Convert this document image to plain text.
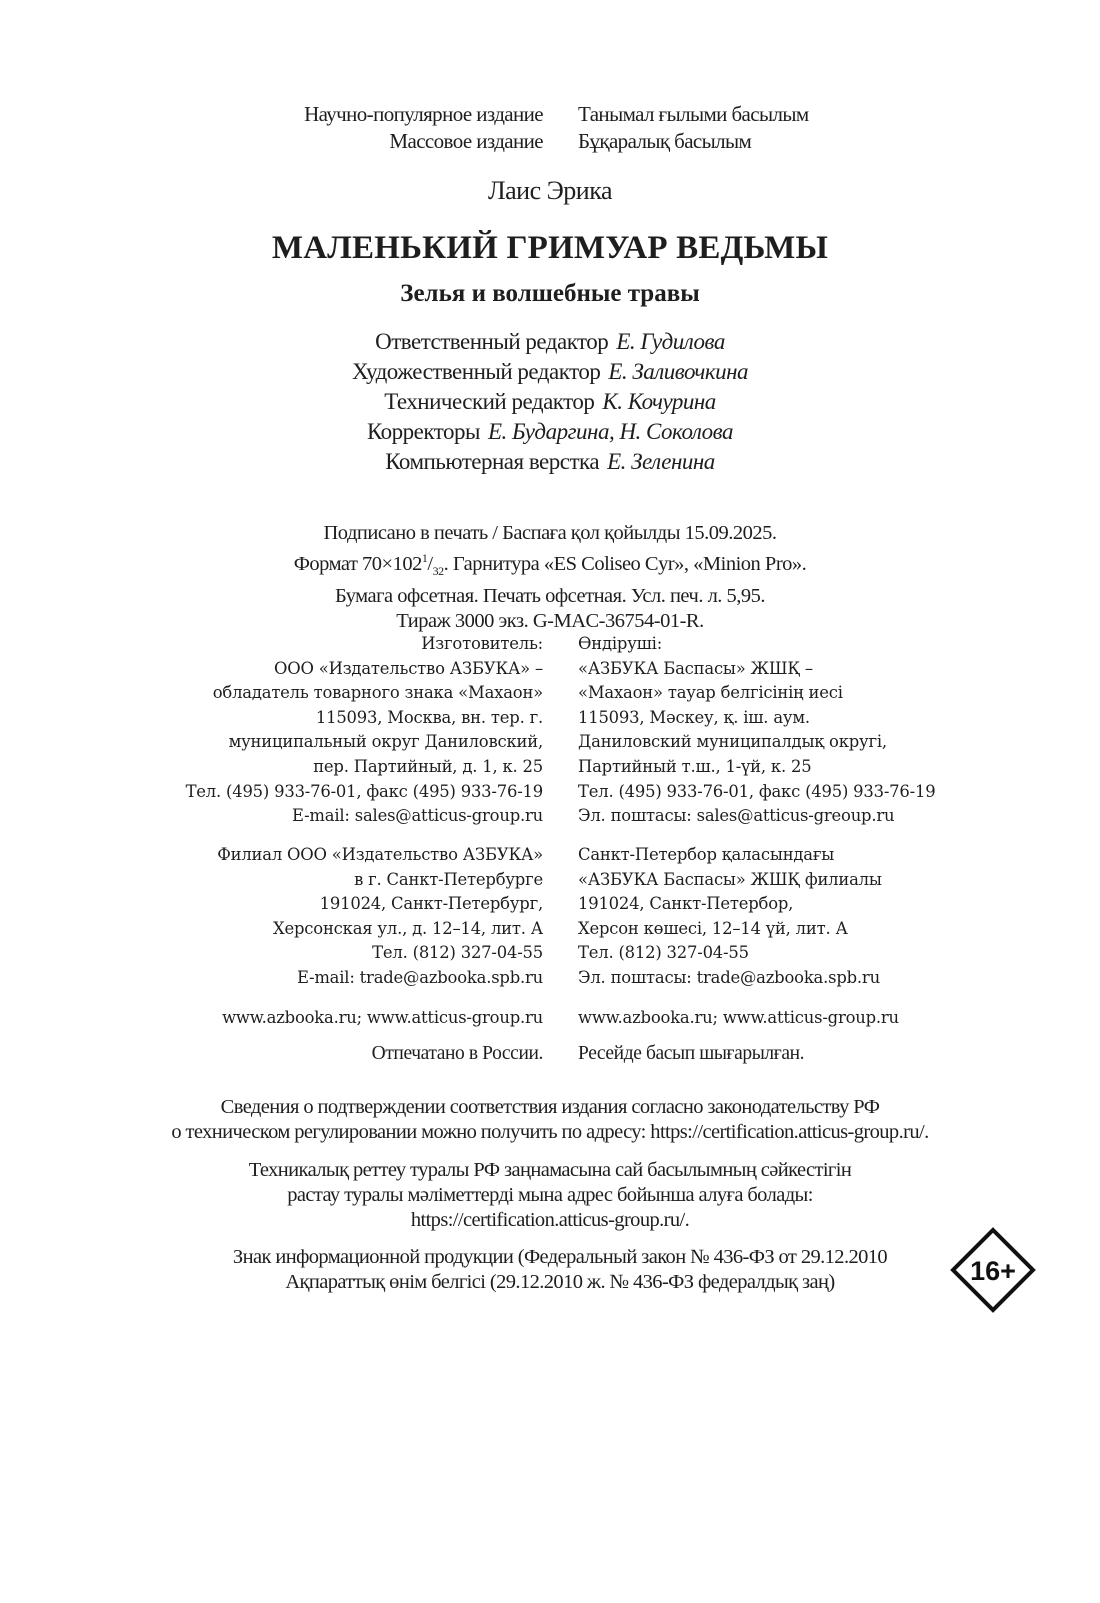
Научно-популярное издание Танымал ғылыми басылым
Массовое издание Бұқаралық басылым
Лаис Эрика
МАЛЕНЬКИЙ ГРИМУАР ВЕДЬМЫ
Зелья и волшебные травы
Ответственный редактор Е. Гудилова
Художественный редактор Е. Заливочкина
Технический редактор К. Кочурина
Корректоры Е. Бударгина, Н. Соколова
Компьютерная верстка Е. Зеленина
Подписано в печать / Баспаға қол қойылды 15.09.2025.
Формат $70\times 102^1/_{32}$. Гарнитура «ES Coliseo Cyr», «Minion Pro».
Бумага офсетная. Печать офсетная. Усл. печ. л. 5,95.
Тираж 3000 экз. G-MAC-36754-01-R.
Изготовитель:
ООО «Издательство АЗБУКА» –
обладатель товарного знака «Махаон»
115093, Москва, вн. тер. г.
муниципальный округ Даниловский,
пер. Партийный, д. 1, к. 25
Тел. (495) 933-76-01, факс (495) 933-76-19
E-mail: sales@atticus-group.ru
Өндіруші:
«АЗБУКА Баспасы» ЖШҚ –
«Махаон» тауар белгісінің иесі
115093, Мәскеу, қ. іш. аум.
Даниловский муниципалдық округі,
Партийный т.ш., 1-үй, к. 25
Тел. (495) 933-76-01, факс (495) 933-76-19
Эл. поштасы: sales@atticus-greoup.ru
Филиал ООО «Издательство АЗБУКА»
в г. Санкт-Петербурге
191024, Санкт-Петербург,
Херсонская ул., д. 12–14, лит. А
Тел. (812) 327-04-55
E-mail: trade@azbooka.spb.ru
Санкт-Петербор қаласындағы
«АЗБУКА Баспасы» ЖШҚ филиалы
191024, Санкт-Петербор,
Херсон көшесі, 12–14 үй, лит. А
Тел. (812) 327-04-55
Эл. поштасы: trade@azbooka.spb.ru
www.azbooka.ru; www.atticus-group.ru www.azbooka.ru; www.atticus-group.ru
Отпечатано в России. Ресейде басып шығарылған.
Сведения о подтверждении соответствия издания согласно законодательству РФ
о техническом регулировании можно получить по адресу: https://certification.atticus-group.ru/.
Техникалық реттеу туралы РФ заңнамасына сай басылымның сәйкестігін
растау туралы мәліметтерді мына адрес бойынша алуға болады:
https://certification.atticus-group.ru/.
Знак информационной продукции (Федеральный закон № 436-ФЗ от 29.12.2010
Ақпараттық өнім белгісі (29.12.2010 ж. № 436-ФЗ федералдық заң)	16+
